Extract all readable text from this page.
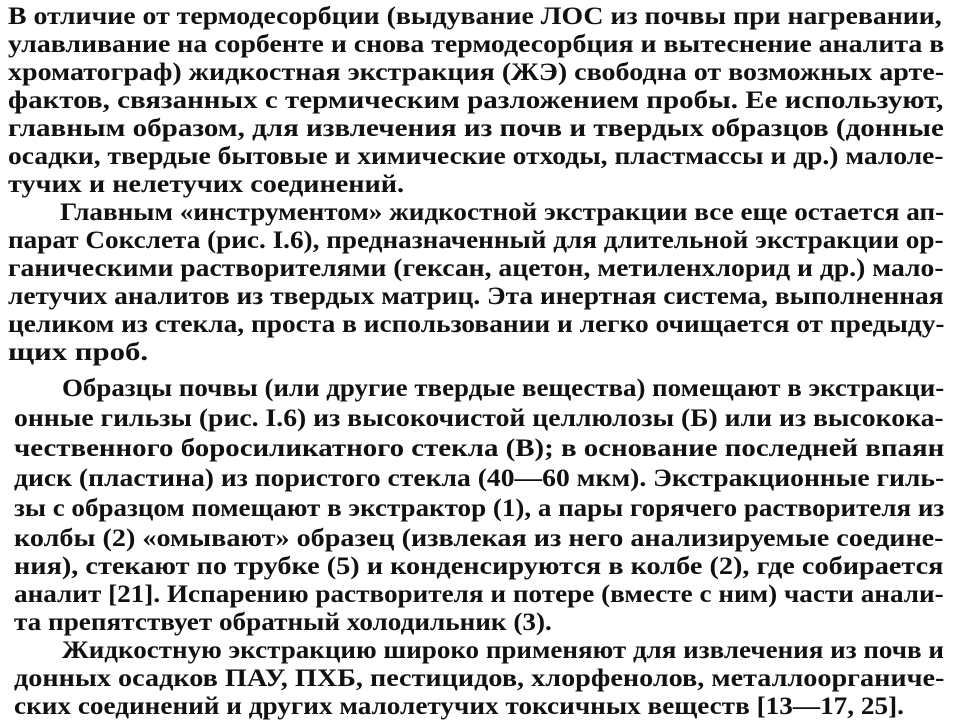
В отличие от термодесорбции (выдувание ЛОС из почвы при нагревании,
улавливание на сорбенте и снова термодесорбция и вытеснение аналита в
хроматограф) жидкостная экстракция (ЖЭ) свободна от возможных арте-
фактов, связанных с термическим разложением пробы. Ее используют,
главным образом, для извлечения из почв и твердых образцов (донные
осадки, твердые бытовые и химические отходы, пластмассы и др.) малоле-
тучих и нелетучих соединений.
Главным «инструментом» жидкостной экстракции все еще остается ап-
парат Сокслета (рис. I.6), предназначенный для длительной экстракции ор-
ганическими растворителями (гексан, ацетон, метиленхлорид и др.) мало-
летучих аналитов из твердых матриц. Эта инертная система, выполненная
целиком из стекла, проста в использовании и легко очищается от предыду-
щих проб.
Образцы почвы (или другие твердые вещества) помещают в экстракци-
онные гильзы (рис. I.6) из высокочистой целлюлозы (Б) или из высокока-
чественного боросиликатного стекла (В); в основание последней впаян
диск (пластина) из пористого стекла (40—60 мкм). Экстракционные гиль-
зы с образцом помещают в экстрактор (1), а пары горячего растворителя из
колбы (2) «омывают» образец (извлекая из него анализируемые соедине-
ния), стекают по трубке (5) и конденсируются в колбе (2), где собирается
аналит [21]. Испарению растворителя и потере (вместе с ним) части анали-
та препятствует обратный холодильник (3).
Жидкостную экстракцию широко применяют для извлечения из почв и
донных осадков ПАУ, ПХБ, пестицидов, хлорфенолов, металлоорганиче-
ских соединений и других малолетучих токсичных веществ [13—17, 25].
